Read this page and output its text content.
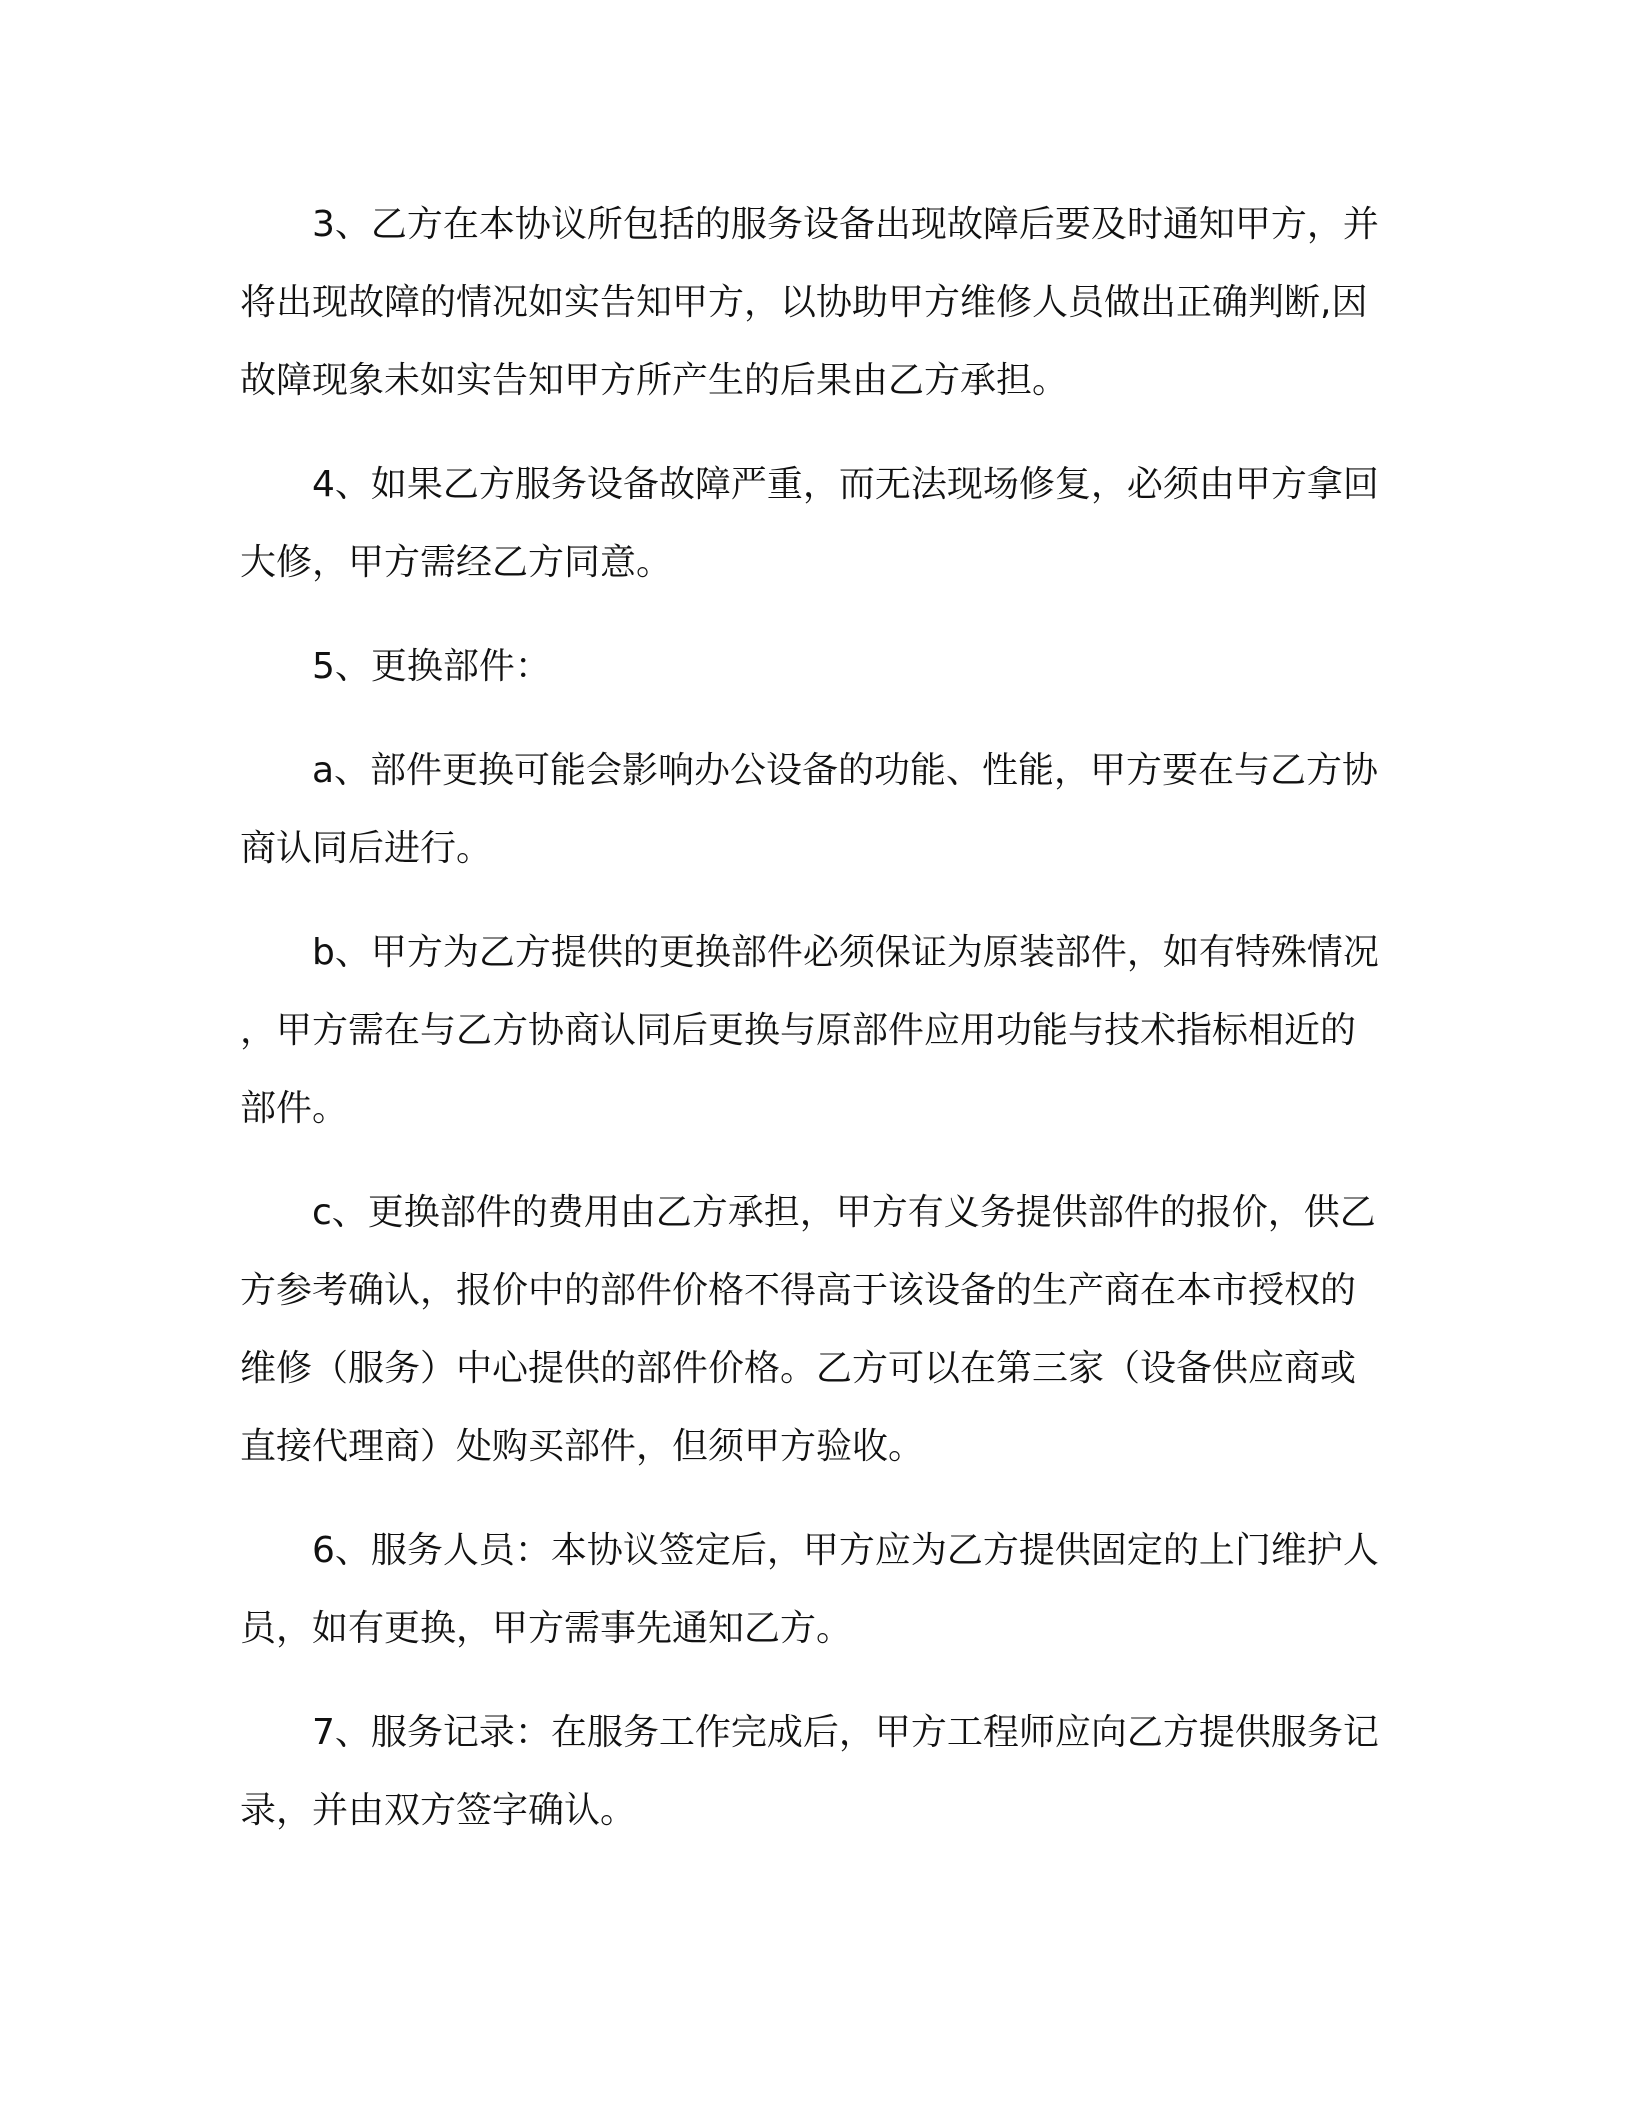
3、乙方在本协议所包括的服务设备出现故障后要及时通知甲方，并将出现故障的情况如实告知甲方，以协助甲方维修人员做出正确判断,因故障现象未如实告知甲方所产生的后果由乙方承担。

4、如果乙方服务设备故障严重，而无法现场修复，必须由甲方拿回大修，甲方需经乙方同意。

5、更换部件：

a、部件更换可能会影响办公设备的功能、性能，甲方要在与乙方协商认同后进行。

b、甲方为乙方提供的更换部件必须保证为原装部件，如有特殊情况，甲方需在与乙方协商认同后更换与原部件应用功能与技术指标相近的部件。

c、更换部件的费用由乙方承担，甲方有义务提供部件的报价，供乙方参考确认，报价中的部件价格不得高于该设备的生产商在本市授权的维修（服务）中心提供的部件价格。乙方可以在第三家（设备供应商或直接代理商）处购买部件，但须甲方验收。

6、服务人员：本协议签定后，甲方应为乙方提供固定的上门维护人员，如有更换，甲方需事先通知乙方。

7、服务记录：在服务工作完成后，甲方工程师应向乙方提供服务记录，并由双方签字确认。
